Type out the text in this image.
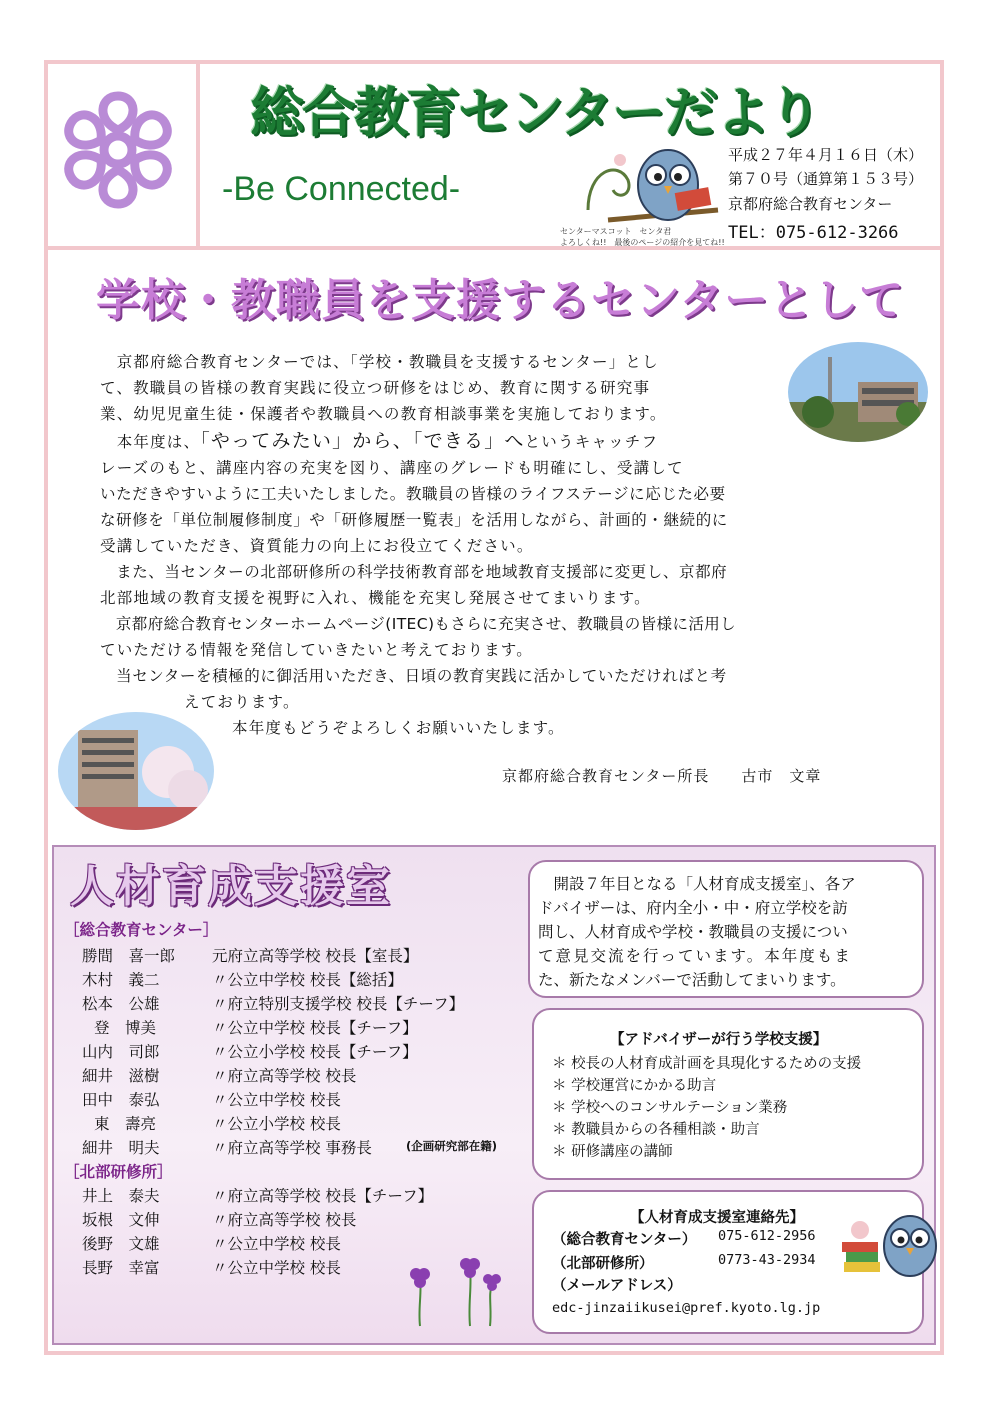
総合教育センターだより
-Be Connected-
センターマスコット　センタ君
よろしくね!!　最後のページの紹介を見てね!!
平成２７年４月１６日（木）
第７０号（通算第１５３号）
京都府総合教育センター
TEL：075-612-3266
学校・教職員を支援するセンターとして
　京都府総合教育センターでは、「学校・教職員を支援するセンター」とし
て、教職員の皆様の教育実践に役立つ研修をはじめ、教育に関する研究事
業、幼児児童生徒・保護者や教職員への教育相談事業を実施しております。
　本年度は、「やってみたい」から、「できる」へというキャッチフ
レーズのもと、講座内容の充実を図り、講座のグレードも明確にし、受講して
いただきやすいように工夫いたしました。教職員の皆様のライフステージに応じた必要
な研修を「単位制履修制度」や「研修履歴一覧表」を活用しながら、計画的・継続的に
受講していただき、資質能力の向上にお役立てください。
　また、当センターの北部研修所の科学技術教育部を地域教育支援部に変更し、京都府
北部地域の教育支援を視野に入れ、機能を充実し発展させてまいります。
　京都府総合教育センターホームページ(ITEC)もさらに充実させ、教職員の皆様に活用し
ていただける情報を発信していきたいと考えております。
　当センターを積極的に御活用いただき、日頃の教育実践に活かしていただければと考
えております。
本年度もどうぞよろしくお願いいたします。
京都府総合教育センター所長　　古市　文章
人材育成支援室
［総合教育センター］
勝間　喜一郎 元府立高等学校 校長【室長】
木村　義二	〃公立中学校 校長【総括】
松本　公雄	〃府立特別支援学校 校長【チーフ】
登　博美	〃公立中学校 校長【チーフ】
山内　司郎	〃公立小学校 校長【チーフ】
細井　滋樹	〃府立高等学校 校長
田中　泰弘	〃公立中学校 校長
東　壽亮	〃公立小学校 校長
細井　明夫	〃府立高等学校 事務長	(企画研究部在籍)
［北部研修所］
井上　泰夫	〃府立高等学校 校長【チーフ】
坂根　文伸	〃府立高等学校 校長
後野　文雄	〃公立中学校 校長
長野　幸富	〃公立中学校 校長
　開設７年目となる「人材育成支援室」、各ア
ドバイザーは、府内全小・中・府立学校を訪
問し、人材育成や学校・教職員の支援につい
て意見交流を行っています。本年度もま
た、新たなメンバーで活動してまいります。
【アドバイザーが行う学校支援】
＊ 校長の人材育成計画を具現化するための支援
＊ 学校運営にかかる助言
＊ 学校へのコンサルテーション業務
＊ 教職員からの各種相談・助言
＊ 研修講座の講師
【人材育成支援室連絡先】
（総合教育センター） 075-612-2956
（北部研修所）	0773-43-2934
（メールアドレス）
edc-jinzaiikusei@pref.kyoto.lg.jp
